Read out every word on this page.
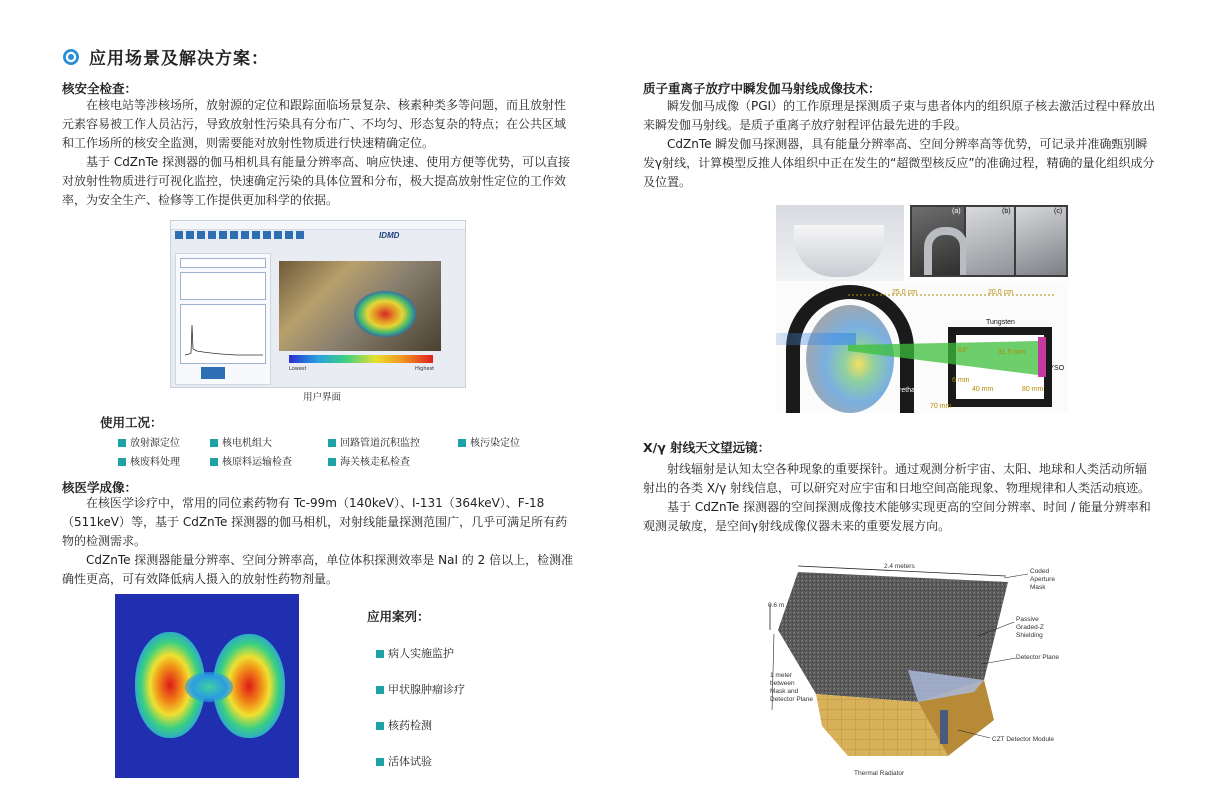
应用场景及解决方案：
核安全检查：

在核电站等涉核场所，放射源的定位和跟踪面临场景复杂、核素种类多等问题，而且放射性元素容易被工作人员沾污，导致放射性污染具有分布广、不均匀、形态复杂的特点；在公共区域和工作场所的核安全监测，则需要能对放射性物质进行快速精确定位。

基于 CdZnTe 探测器的伽马相机具有能量分辨率高、响应快速、使用方便等优势，可以直接对放射性物质进行可视化监控，快速确定污染的具体位置和分布，极大提高放射性定位的工作效率，为安全生产、检修等工作提供更加科学的依据。

IDMD
Lowest	Highest
用户界面
使用工况：
放射源定位	核电机组大	回路管道沉积监控	核污染定位
核废料处理	核原料运输检查	海关核走私检查
核医学成像：

在核医学诊疗中，常用的同位素药物有 Tc-99m（140keV）、I-131（364keV）、F-18（511keV）等，基于 CdZnTe 探测器的伽马相机，对射线能量探测范围广，几乎可满足所有药物的检测需求。

CdZnTe 探测器能量分辨率、空间分辨率高，单位体积探测效率是 NaI 的 2 倍以上，检测准确性更高，可有效降低病人摄入的放射性药物剂量。

应用案列：
病人实施监护
甲状腺肿瘤诊疗
核药检测
活体试验
质子重离子放疗中瞬发伽马射线成像技术：

瞬发伽马成像（PGI）的工作原理是探测质子束与患者体内的组织原子核去激活过程中释放出来瞬发伽马射线。是质子重离子放疗射程评估最先进的手段。

CdZnTe 瞬发伽马探测器，具有能量分辨率高、空间分辨率高等优势，可记录并准确甄别瞬发γ射线，计算模型反推人体组织中正在发生的“超微型核反应”的准确过程，精确的量化组织成分及位置。

(a)	(b)	(c)
25.0 cm	20.0 cm
Tungsten
63°	31.5 mm
LYSO
6 mm
40 mm	80 mm
Urethane
70 mm
X/γ 射线天文望远镜：

射线辐射是认知太空各种现象的重要探针。通过观测分析宇宙、太阳、地球和人类活动所辐射出的各类 X/γ 射线信息，可以研究对应宇宙和日地空间高能现象、物理规律和人类活动痕迹。

基于 CdZnTe 探测器的空间探测成像技术能够实现更高的空间分辨率、时间 / 能量分辨率和观测灵敏度，是空间γ射线成像仪器未来的重要发展方向。

2.4 meters
0.6 m
Coded
Aperture
Mask
Passive
Graded-Z
Shielding
Detector Plane
1 meter
between
Mask and
Detector Plane
CZT Detector Module
Thermal Radiator
